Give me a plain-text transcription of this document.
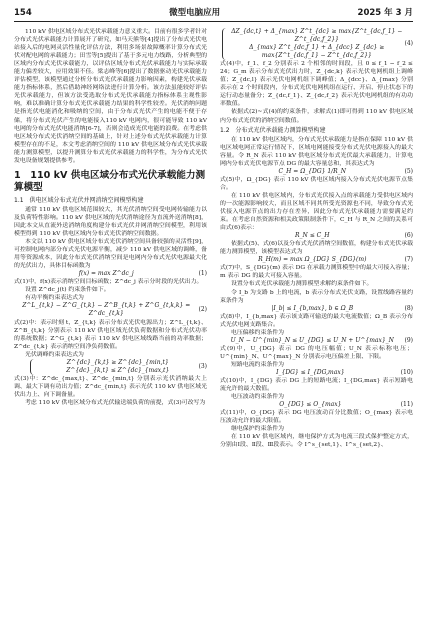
154	微型电脑应用	2025 年 3 月

110 kV 供电区域分布式光伏承载能力意义重大。目前有很多学者针对分布式光伏承载能力计算展开了研究，如马天熊等[4]提出了分布式光伏电站接入后的电网灵活性量化评估方法，利用多场景故障概率计算分布式光伏对配电网的承载能力；田雪等[5]提出了基于多元电力线路，分析典型的区域内分布式光伏承载能力，以评估区域分布式光伏承载能力与实际承载能力偏差较大，应用效果不佳。梁志峰等[6]提出了数据驱动光伏承载能力评估模型，该模型通过分析分布式光伏承载能力影响因素，构建光伏承载能力指标体系，然后借助神经网络法进行计算分析。该方法虽能较好评估光伏承载能力，但该方法受选取分布式光伏承载能力指标体系主观性影响，难以准确计算分布式光伏承载能力结果的科学性较差。光伏消纳问题是指光伏电能消化和吸纳的空间，由于分布式光伏产生的电能不便于存储，将分布式光伏产生的电能接入110 kV 电网内，很可能导致 110 kV 电网的分布式光伏电能消纳[6-7]，否则会造成光伏电能的浪费。在考虑供电区域分布式光伏消纳空间的基础上，针对上述分布式光伏承载能力计算模型存在的不足，本文考虑消纳空间的 110 kV 供电区域分布式光伏承载能力测算模型，以提升测算分布式光伏承载能力的科学性，为分布式光伏发电设备规划提供参考。

1　110 kV 供电区域分布式光伏承载能力测算模型
1.1　供电区域分布式光伏并网消纳空间模型构建

通常 110 kV 供电区域范围较大，其光伏消纳空间受电网传输能力以及负荷特性影响。110 kV 供电区域的光伏消纳途径为直流外送消纳[8]，因此本文从直流外送消纳角度构建分布式光伏并网消纳空间模型，利用该模型得到 110 kV 供电区域内分布式光伏消纳空间数据。

本文以 110 kV 供电区域分布式光伏消纳空间具备较强的灵活性[9]，可控制电网内部分布式光伏电源平衡，减少 110 kV 供电区域的调峰，备用等资源成本，因此分布式光伏消纳空间是电网内分布式光伏电源最大化的光伏出力，具体目标函数为

f(x) = max Z^dc_j	(1)

式(1)中，f(x)表示消纳空间目标函数；Z^dc_j 表示分时段的光伏出力。

设置 Z^dc_j(t) 约束条件如下。

有功平衡约束表达式为

Z^L_{t,k} − Z^G_{t,k} − Z^B_{t,k} + Z^G_{t,k,k} = Z^dc_{t,k}
(2)

式(2)中：表示时刻 t，Z_{t,k} 表示分布式光伏电源出力；Z^L_{t,k}、Z^B_{t,k} 分别表示 110 kV 供电区域光伏负荷数据和分布式光伏功率的系统数据；Z^G_{t,k} 表示 110 kV 供电区域线路当前的功率数据；Z^dc_{t,k} 表示消纳空间净负荷数值。

光伏调峰约束表达式为

Z^{dc}_{k,t} ≥ Z^{dc}_{min,t}
Z^{dc}_{k,t} ≤ Z^{dc}_{max,t}
(3)

式(3)中：Z^dc_{max,t}、Z^dc_{min,t} 分别表示光伏消纳最大上调、最大下调有功出力值；Z^dc_{min,t} 表示光伏 110 kV 供电区域光伏出力上、向下调备量。

考虑 110 kV 供电区域分布式光伏输送端负荷的前提，式(3)可改写为

ΔZ_{dc,t} + Δ_{max} Z^t_{dc} ≥ max{Z^t_{dc,f_1} − Z^t_{dc,f_2}}
Δ_{max} Z^t_{dc,f_1} + Δ_{dcc} Z_{dc} ≥ max{Z^t_{dc,f_1} − Z^t_{dc,f_2}}
(4)

式(4)中，f_1、f_2 分别表示 2 个相邻的时间段，且 0 ≤ f_1 − f_2 ≤ 24；G_m 表示分布式光伏出力时，Z_{dc,k} 表示光伏电网机组上调峰值；Z_{dc,l} 表示光伏电网机组下调峰值；Δ_{dcc}、Δ_{max} 分别表示在 2 个时间段内，分布式光伏电网机组在运行、开启、停止状态下的运行动态量备分；Z_{dc,f_1}、Z_{dc,f_2} 表示光伏电网机组的有功功率数值。

依据式(2)~式(4)的约束条件，求解式(1)即可得到 110 kV 供电区域内分布式光伏的消纳空间数值。

1.2　分布式光伏承载能力测算模型构建

在 110 kV 供电区域内，分布式光伏承载能力是指在保障 110 kV 供电区域电网正常运行情况下，区域电网能接受分布式光伏电源接入的最大容量。令 R_N 表示 110 kV 供电区域分布式光伏最大承载能力，计算电网内分布式光伏电源节点 DG 的最大容量总和，其表达式为

C_H = Ω_{DG} 1/R_N	(5)

式(5)中，Ω_{DG} 表示 110 kV 供电区域内接入分布式光伏电源节点集合。

在 110 kV 供电区域内，分布式光伏接入点的承载能力受供电区域内的一次能源影响较大，而且区域不同其所受光资源也不同，导致分布式光伏接入电源节点的出力存在差异，因此分布式光伏承载能力需要满足约束。在考虑自然资源和相关政策限制条件下，C_H 与 R_N 之间的关系可由式(6)表示：

R_N ≤ C_H	(6)

依据式(5)、式(6)以及分布式光伏消纳空间数值，构建分布式光伏承载能力测算模型，该模型表达式为

R_H(m) = max Ω_{DG} S_{DG}(m)	(7)

式(7)中，S_{DG}(m) 表示 DG 在承载力测算模型中的最大可接入容量；m 表示 DG 的最大可接入容量。

设置分布式光伏承载能力测算模型求解约束条件如下。

令 I_b 为支路 b 上的电流，b 表示分布式光伏支路，设置线路容量约束条件为

|I_b| ≤ I_{b,max}, b ∈ Ω_B	(8)

式(8)中，I_{b,max} 表示该支路可输送的最大电流数值；Ω_B 表示分布式光伏电网支路集合。

电压偏移约束条件为

U_N − U^{min}_N ≤ U_{DG} ≤ U_N + U^{max}_N	(9)

式(9)中，U_{DG} 表示 DG 的电压幅值；U_N 表示标称电压；U^{min}_N、U^{max}_N 分别表示电压偏差上限、下限。

短路电流约束条件为

I_{DG} ≤ I_{DG,max}	(10)

式(10)中，I_{DG} 表示 DG 上的短路电流；I_{DG,max} 表示短路电流允许的最大数值。

电压波动约束条件为

O_{DG} ≤ O_{max}	(11)

式(11)中，O_{DG} 表示 DG 电压波动百分比数值；O_{max} 表示电压波动允许的最大限值。

继电保护约束条件为

在 110 kV 供电区域内，继电保护方式为电流三段式保护整定方式，分别由Ⅰ段、Ⅱ段、Ⅲ段表示。令 I^s_{set,1}、I^s_{set,2}、
